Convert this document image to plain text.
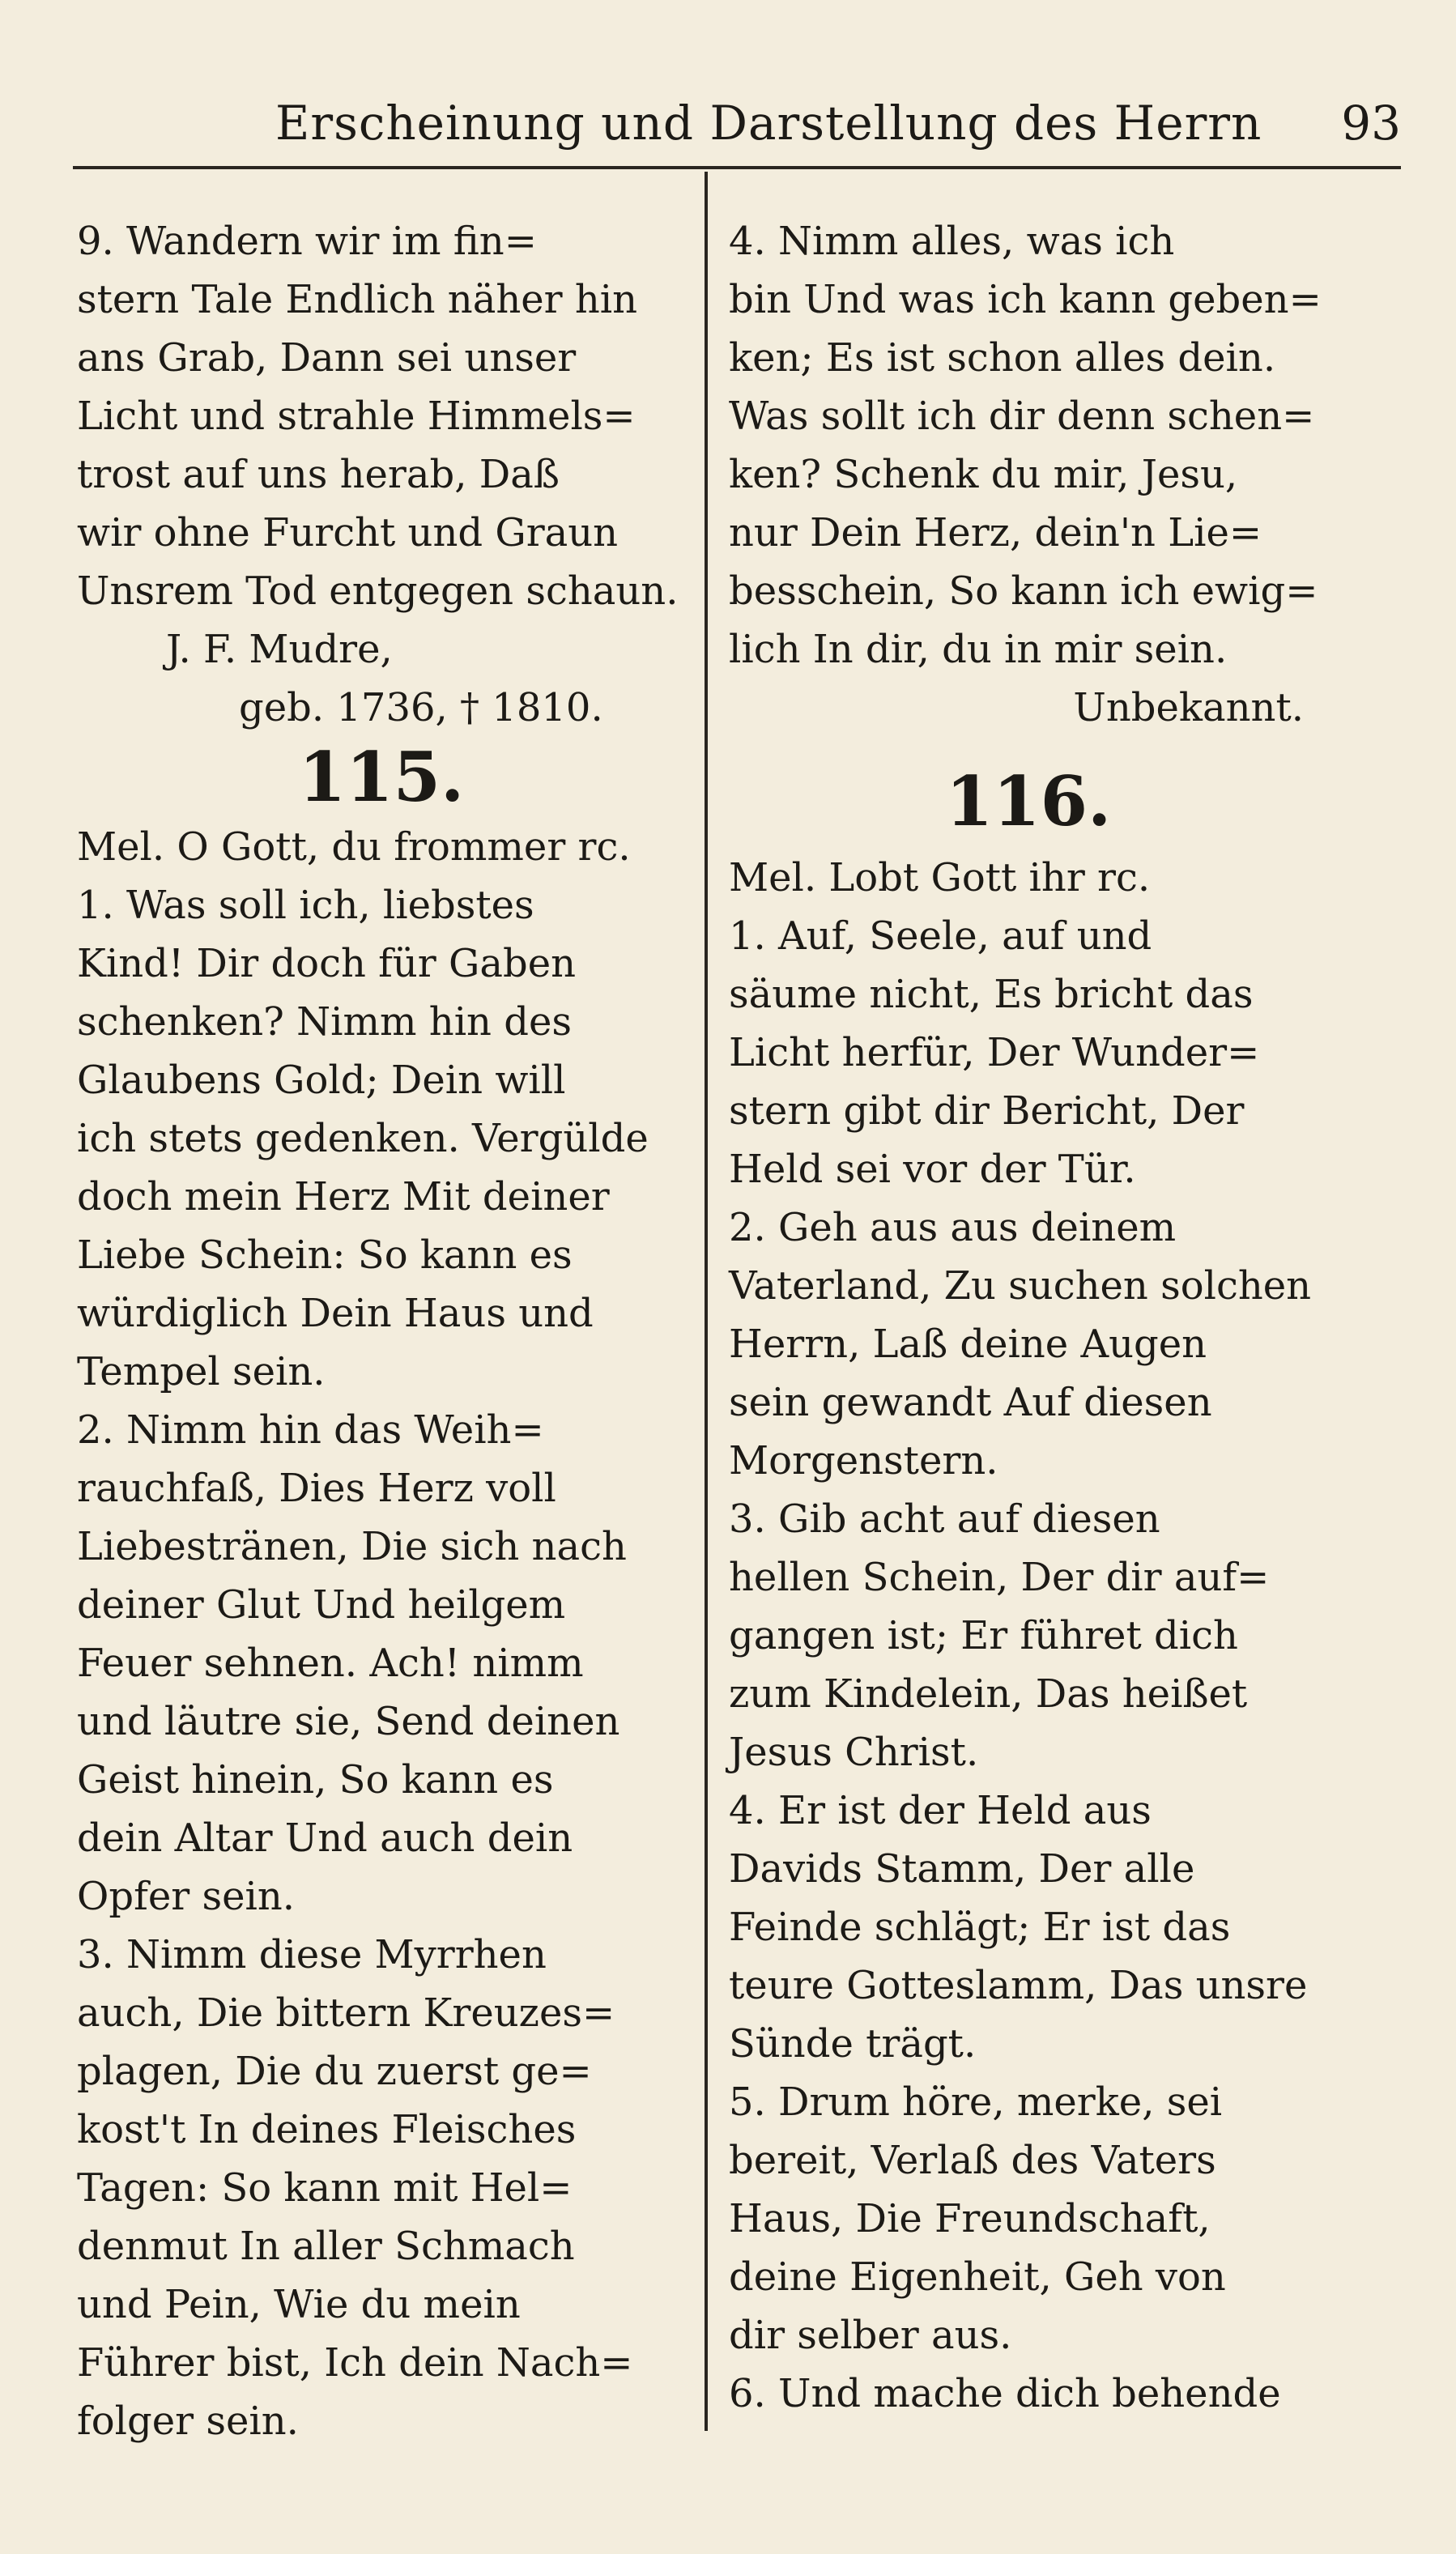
Erscheinung und Darstellung des Herrn 93
9. Wandern wir im fin=
stern Tale Endlich näher hin
ans Grab, Dann sei unser
Licht und strahle Himmels=
trost auf uns herab, Daß
wir ohne Furcht und Graun
Unsrem Tod entgegen schaun.
J. F. Mudre,
geb. 1736, † 1810.
115.
Mel. O Gott, du frommer rc.
1. Was soll ich, liebstes
Kind! Dir doch für Gaben
schenken? Nimm hin des
Glaubens Gold; Dein will
ich stets gedenken. Vergülde
doch mein Herz Mit deiner
Liebe Schein: So kann es
würdiglich Dein Haus und
Tempel sein.
2. Nimm hin das Weih=
rauchfaß, Dies Herz voll
Liebestränen, Die sich nach
deiner Glut Und heilgem
Feuer sehnen. Ach! nimm
und läutre sie, Send deinen
Geist hinein, So kann es
dein Altar Und auch dein
Opfer sein.
3. Nimm diese Myrrhen
auch, Die bittern Kreuzes=
plagen, Die du zuerst ge=
kost't In deines Fleisches
Tagen: So kann mit Hel=
denmut In aller Schmach
und Pein, Wie du mein
Führer bist, Ich dein Nach=
folger sein.
4. Nimm alles, was ich
bin Und was ich kann geben=
ken; Es ist schon alles dein.
Was sollt ich dir denn schen=
ken? Schenk du mir, Jesu,
nur Dein Herz, dein'n Lie=
besschein, So kann ich ewig=
lich In dir, du in mir sein.
Unbekannt.
116.
Mel. Lobt Gott ihr rc.
1. Auf, Seele, auf und
säume nicht, Es bricht das
Licht herfür, Der Wunder=
stern gibt dir Bericht, Der
Held sei vor der Tür.
2. Geh aus aus deinem
Vaterland, Zu suchen solchen
Herrn, Laß deine Augen
sein gewandt Auf diesen
Morgenstern.
3. Gib acht auf diesen
hellen Schein, Der dir auf=
gangen ist; Er führet dich
zum Kindelein, Das heißet
Jesus Christ.
4. Er ist der Held aus
Davids Stamm, Der alle
Feinde schlägt; Er ist das
teure Gotteslamm, Das unsre
Sünde trägt.
5. Drum höre, merke, sei
bereit, Verlaß des Vaters
Haus, Die Freundschaft,
deine Eigenheit, Geh von
dir selber aus.
6. Und mache dich behende
